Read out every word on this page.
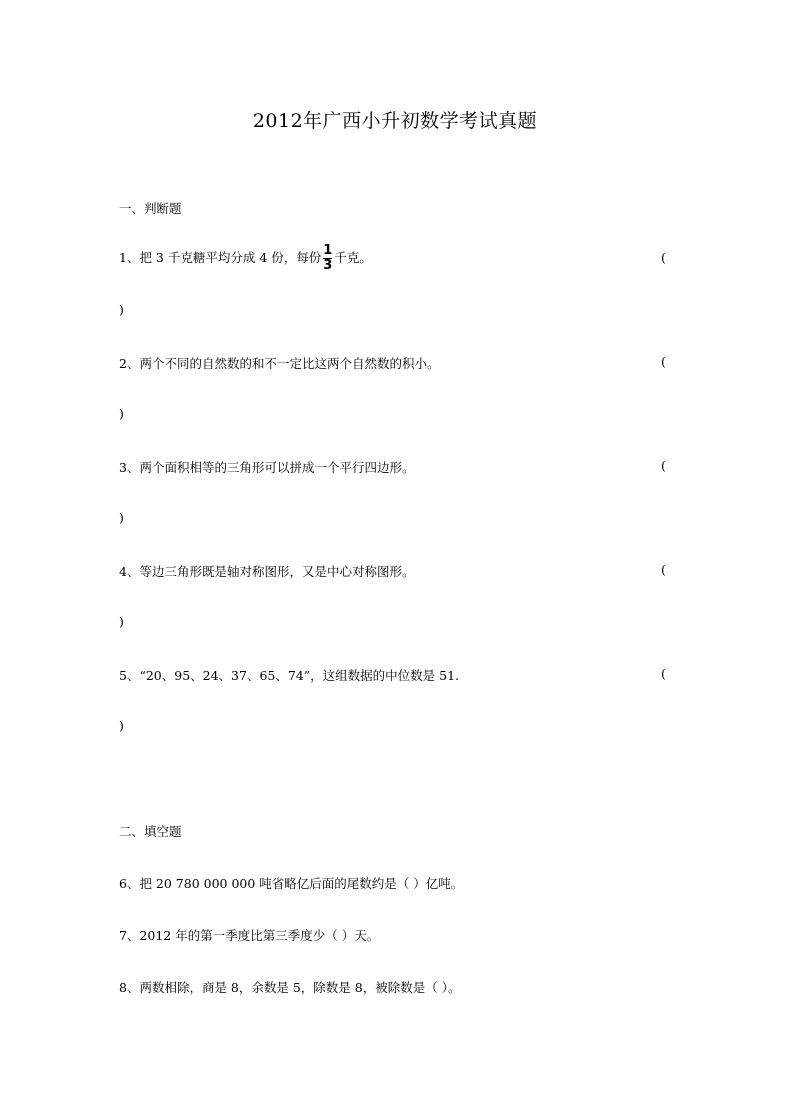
2012年广西小升初数学考试真题
一、判断题
1、把 3 千克糖平均分成 4 份，每份 $\frac{1}{3}$ 千克。	(
)
2、两个不同的自然数的和不一定比这两个自然数的积小。	(
)
3、两个面积相等的三角形可以拼成一个平行四边形。	(
)
4、等边三角形既是轴对称图形，又是中心对称图形。	(
)
5、“20、95、24、37、65、74”，这组数据的中位数是 51.	(
)
二、填空题
6、把 20 780 000 000 吨省略亿后面的尾数约是（ ）亿吨。
7、2012 年的第一季度比第三季度少（ ）天。
8、两数相除，商是 8，余数是 5，除数是 8，被除数是（ ）。
